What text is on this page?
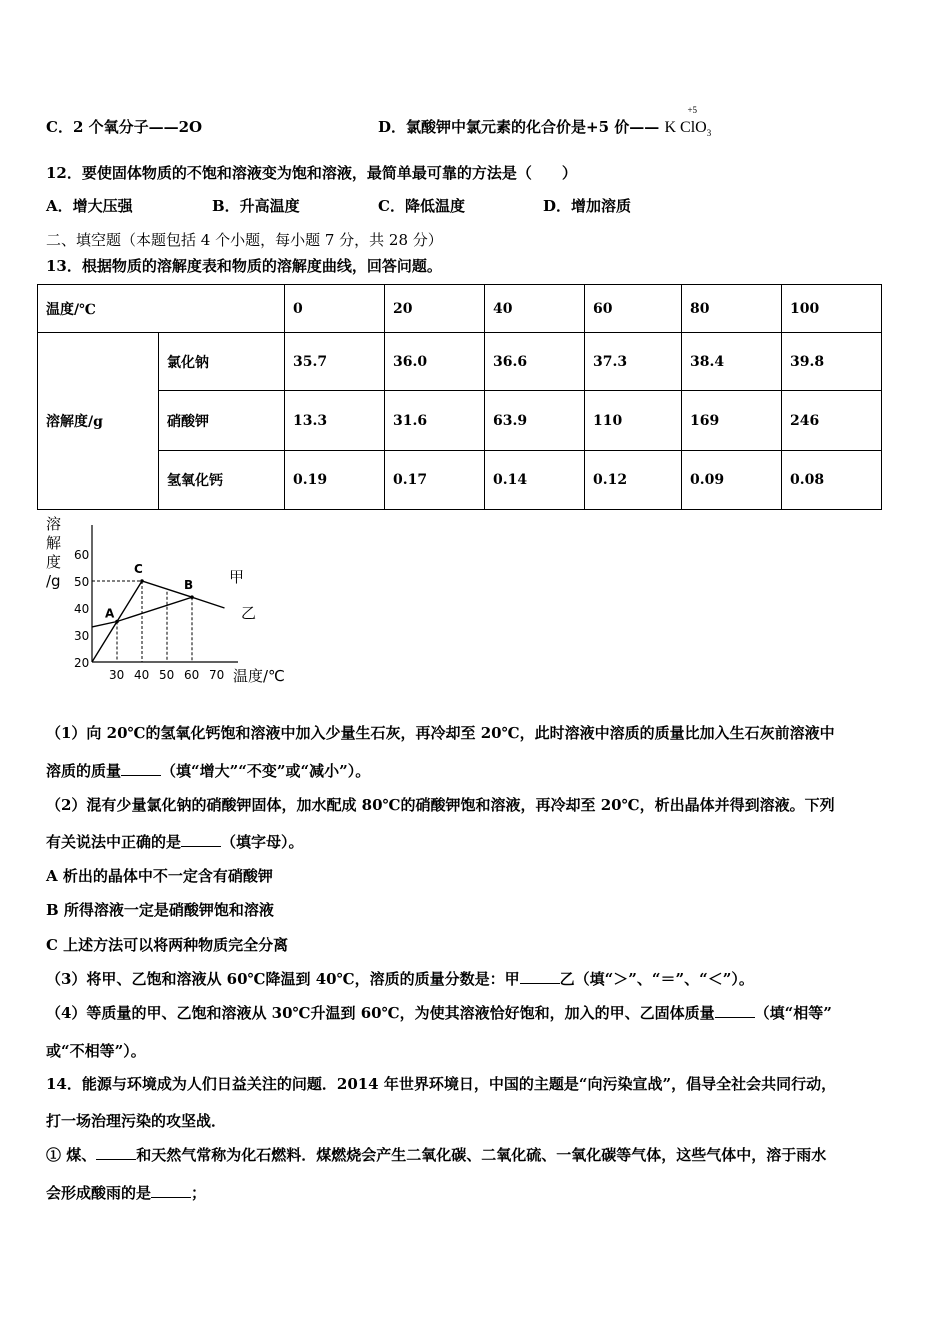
C．2 个氧分子——2O	D．氯酸钾中氯元素的化合价是+5 价—— K Cl
+5
$O_3$
12．要使固体物质的不饱和溶液变为饱和溶液，最简单最可靠的方法是（　　）
A．增大压强	B．升高温度	C．降低温度	D．增加溶质
二、填空题（本题包括 4 个小题，每小题 7 分，共 28 分）
13．根据物质的溶解度表和物质的溶解度曲线，回答问题。
温度/℃		0	20	40	60	80	100
溶解度/g	氯化钠	35.7	36.0	36.6	37.3	38.4	39.8
	硝酸钾	13.3	31.6	63.9	110	169	246
	氢氧化钙	0.19	0.17	0.14	0.12	0.09	0.08
溶
解
度
/g
温度/℃
20
30
40
50
60
30 40 50 60 70
A
C
B 甲
乙
（1）向 20℃的氢氧化钙饱和溶液中加入少量生石灰，再冷却至 20℃，此时溶液中溶质的质量比加入生石灰前溶液中
溶质的质量	（填“增大”“不变”或“减小”）。
（2）混有少量氯化钠的硝酸钾固体，加水配成 80℃的硝酸钾饱和溶液，再冷却至 20℃，析出晶体并得到溶液。下列
有关说法中正确的是	（填字母）。
A 析出的晶体中不一定含有硝酸钾
B 所得溶液一定是硝酸钾饱和溶液
C 上述方法可以将两种物质完全分离
（3）将甲、乙饱和溶液从 60℃降温到 40℃，溶质的质量分数是：甲	乙（填“＞”、“＝”、“＜”）。
（4）等质量的甲、乙饱和溶液从 30℃升温到 60℃，为使其溶液恰好饱和，加入的甲、乙固体质量	（填“相等”
或“不相等”）。
14．能源与环境成为人们日益关注的问题．2014 年世界环境日，中国的主题是“向污染宣战”，倡导全社会共同行动，
打一场治理污染的攻坚战．
① 煤、	和天然气常称为化石燃料．煤燃烧会产生二氧化碳、二氧化硫、一氧化碳等气体，这些气体中，溶于雨水
会形成酸雨的是	；
